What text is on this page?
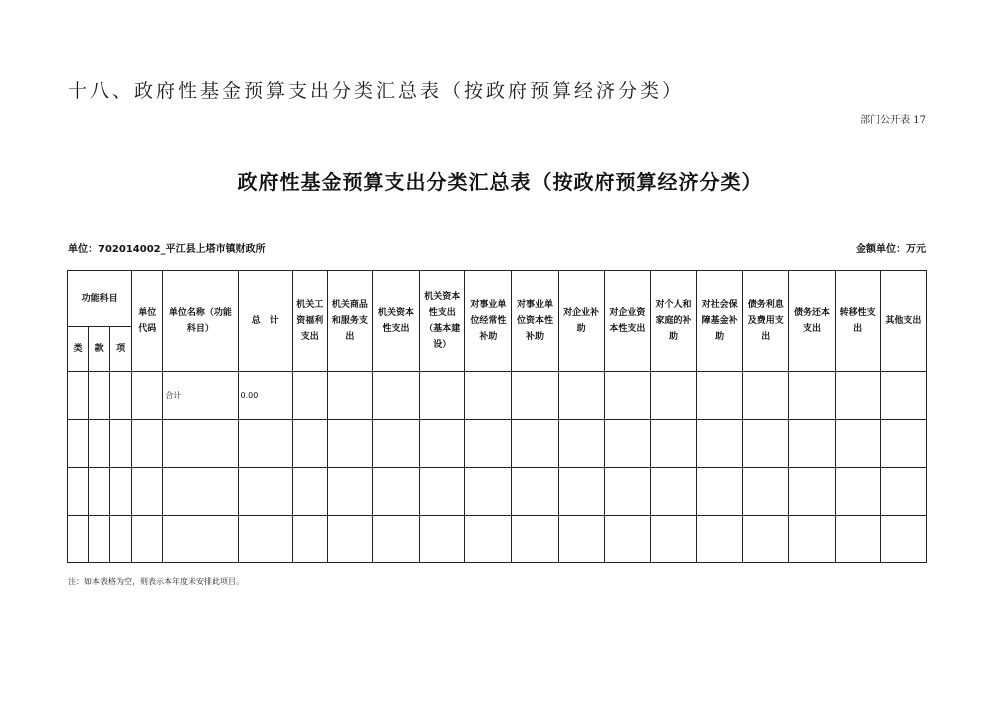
十八、政府性基金预算支出分类汇总表（按政府预算经济分类）
部门公开表 17
政府性基金预算支出分类汇总表（按政府预算经济分类）
单位：702014002_平江县上塔市镇财政所	金额单位：万元
功能科目			单位代码	单位名称（功能科目）	总　计	机关工资福利支出	机关商品和服务支出	机关资本性支出	机关资本性支出（基本建设）	对事业单位经常性补助	对事业单位资本性补助	对企业补助	对企业资本性支出	对个人和家庭的补助	对社会保障基金补助	债务利息及费用支出	债务还本支出	转移性支出	其他支出
类	款	项																	
				合计	0.00														

注：如本表格为空，则表示本年度未安排此项目。
